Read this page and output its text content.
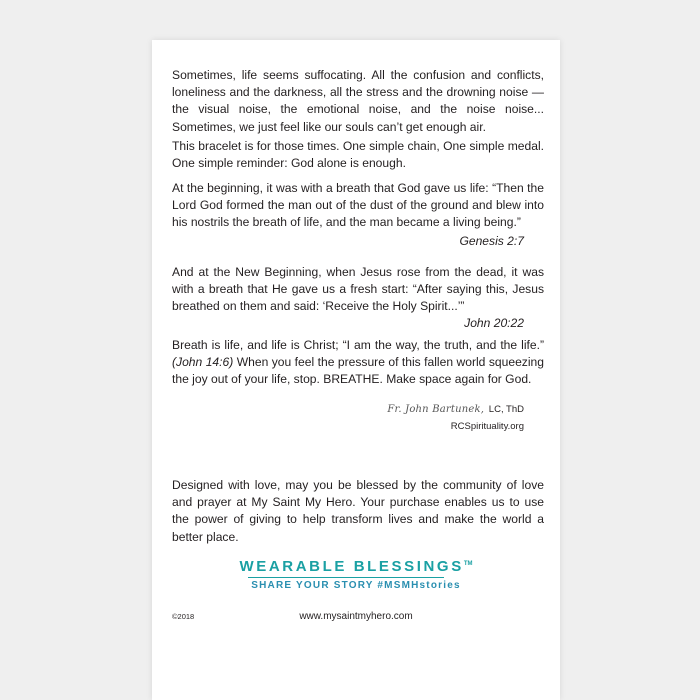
Sometimes, life seems suffocating. All the confusion and conflicts, loneliness and the darkness, all the stress and the drowning noise —the visual noise, the emotional noise, and the noise noise... Sometimes, we just feel like our souls can’t get enough air.

This bracelet is for those times. One simple chain, One simple medal. One simple reminder: God alone is enough.

At the beginning, it was with a breath that God gave us life: “Then the Lord God formed the man out of the dust of the ground and blew into his nostrils the breath of life, and the man became a living being.”

Genesis 2:7

And at the New Beginning, when Jesus rose from the dead, it was with a breath that He gave us a fresh start: “After saying this, Jesus breathed on them and said: ‘Receive the Holy Spirit...’”

John 20:22

Breath is life, and life is Christ; “I am the way, the truth, and the life.” (John 14:6) When you feel the pressure of this fallen world squeezing the joy out of your life, stop. BREATHE. Make space again for God.

Fr. John Bartunek, LC, ThD
RCSpirituality.org

Designed with love, may you be blessed by the community of love and prayer at My Saint My Hero. Your purchase enables us to use the power of giving to help transform lives and make the world a better place.

WEARABLE BLESSINGS™
SHARE YOUR STORY #MSMHstories
©2018	www.mysaintmyhero.com
